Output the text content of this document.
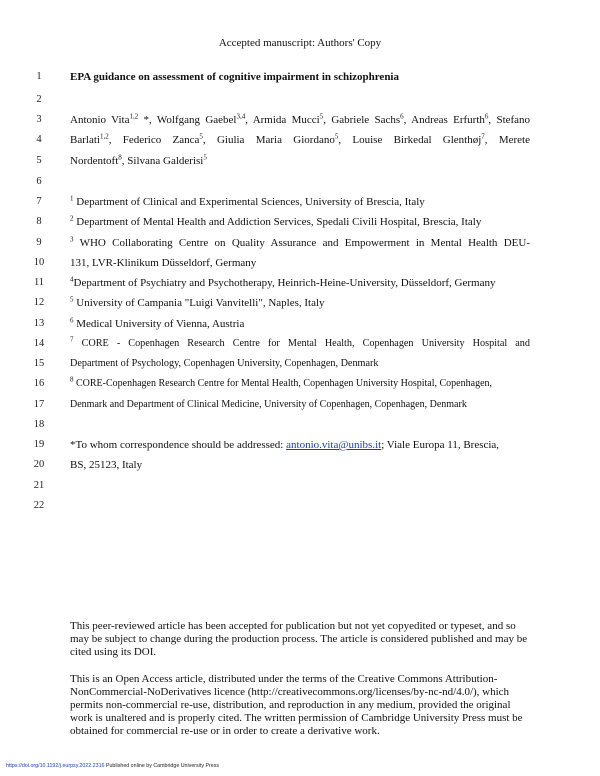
Accepted manuscript: Authors' Copy
1
2
3
4
5
6
7
8
9
10
11
12
13
14
15
16
17
18
19
20
21
22
EPA guidance on assessment of cognitive impairment in schizophrenia
Antonio Vita$^{1,2}$ *, Wolfgang Gaebel$^{3,4}$, Armida Mucci$^5$, Gabriele Sachs$^6$, Andreas Erfurth$^6$, Stefano
Barlati$^{1,2}$, Federico Zanca$^5$, Giulia Maria Giordano$^5$, Louise Birkedal Glenthøj$^7$, Merete
Nordentoft$^8$, Silvana Galderisi$^5$
$^1$ Department of Clinical and Experimental Sciences, University of Brescia, Italy
$^2$ Department of Mental Health and Addiction Services, Spedali Civili Hospital, Brescia, Italy
$^3$ WHO Collaborating Centre on Quality Assurance and Empowerment in Mental Health DEU-
131, LVR-Klinikum Düsseldorf, Germany
$^4$Department of Psychiatry and Psychotherapy, Heinrich-Heine-University, Düsseldorf, Germany
$^5$ University of Campania "Luigi Vanvitelli", Naples, Italy
$^6$ Medical University of Vienna, Austria
$^7$ CORE - Copenhagen Research Centre for Mental Health, Copenhagen University Hospital and
Department of Psychology, Copenhagen University, Copenhagen, Denmark
$^8$ CORE-Copenhagen Research Centre for Mental Health, Copenhagen University Hospital, Copenhagen,
Denmark and Department of Clinical Medicine, University of Copenhagen, Copenhagen, Denmark
*To whom correspondence should be addressed: antonio.vita@unibs.it; Viale Europa 11, Brescia,
BS, 25123, Italy
This peer-reviewed article has been accepted for publication but not yet copyedited or typeset, and so may be subject to change during the production process. The article is considered published and may be cited using its DOI.
This is an Open Access article, distributed under the terms of the Creative Commons Attribution-NonCommercial-NoDerivatives licence (http://creativecommons.org/licenses/by-nc-nd/4.0/), which permits non-commercial re-use, distribution, and reproduction in any medium, provided the original work is unaltered and is properly cited. The written permission of Cambridge University Press must be obtained for commercial re-use or in order to create a derivative work.
https://doi.org/10.1192/j.eurpsy.2022.2316 Published online by Cambridge University Press
